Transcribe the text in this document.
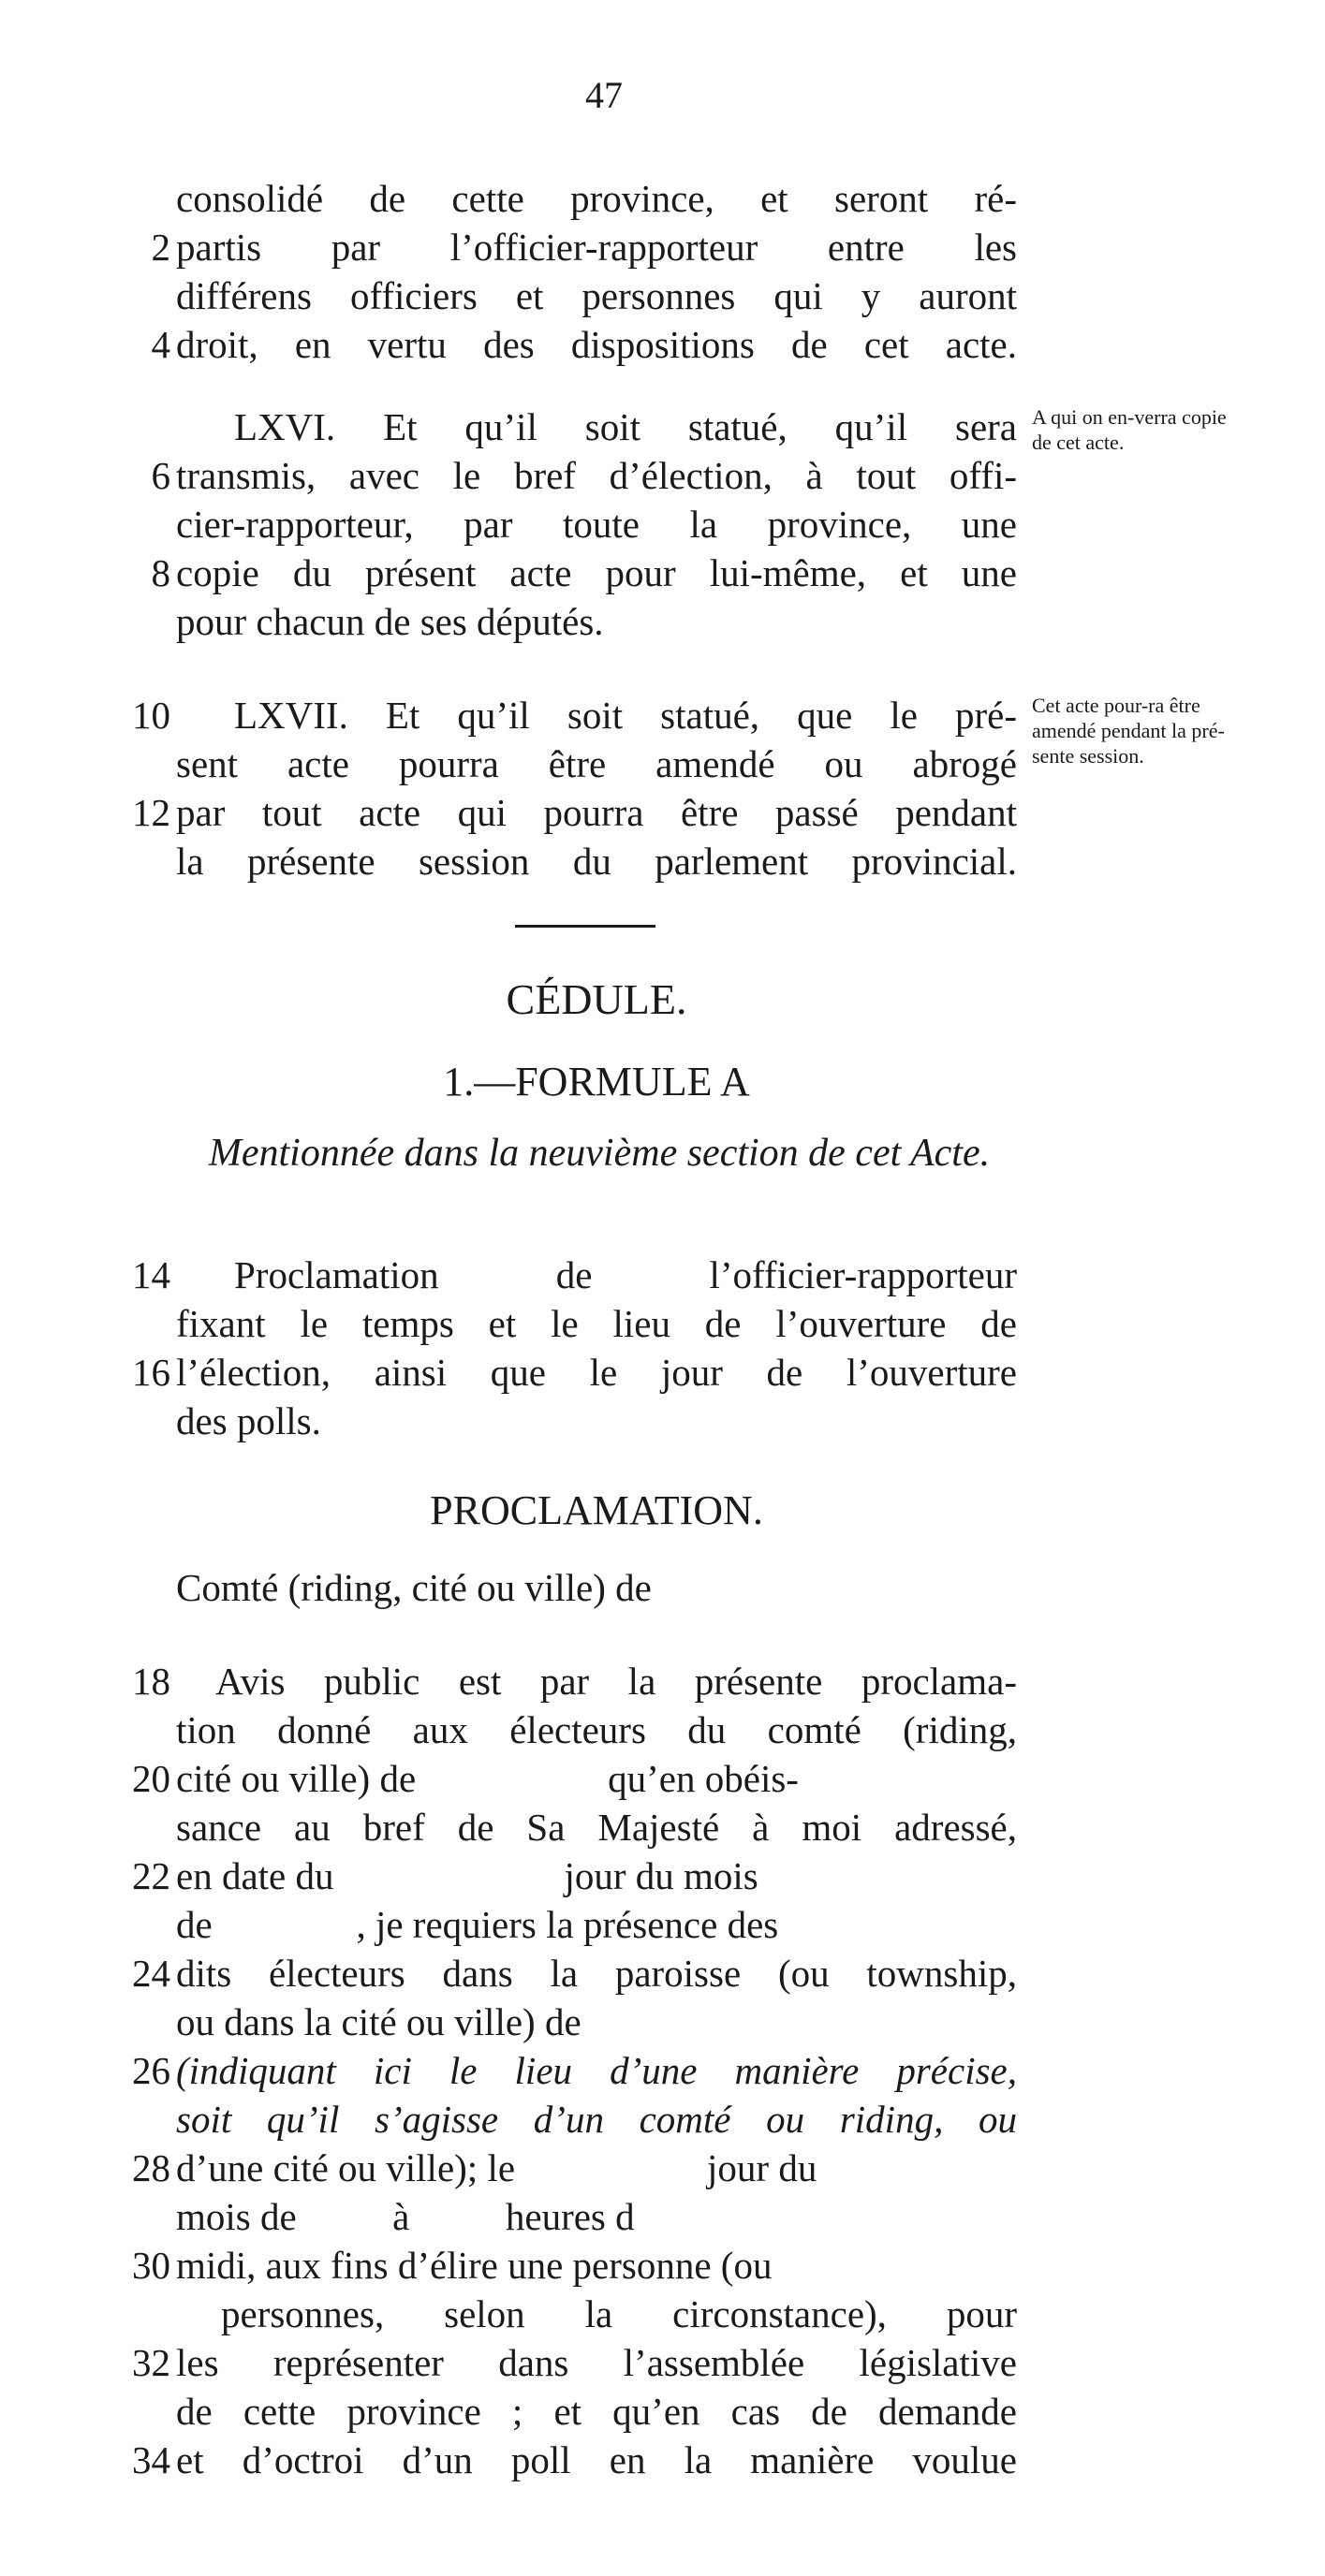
47
consolidé de cette province, et seront ré-
2 partis par l’officier-rapporteur entre les
différens officiers et personnes qui y auront
4 droit, en vertu des dispositions de cet acte.
LXVI. Et qu’il soit statué, qu’il sera
6 transmis, avec le bref d’élection, à tout offi-
cier-rapporteur, par toute la province, une
8 copie du présent acte pour lui-même, et une
pour chacun de ses députés.
A qui on en-verra copie de cet acte.
10 LXVII. Et qu’il soit statué, que le pré-
sent acte pourra être amendé ou abrogé
12 par tout acte qui pourra être passé pendant
la présente session du parlement provincial.
Cet acte pour-ra être amendé pendant la pré-sente session.
CÉDULE.
1.—FORMULE A
Mentionnée dans la neuvième section de cet Acte.
14 Proclamation de l’officier-rapporteur
fixant le temps et le lieu de l’ouverture de
16 l’élection, ainsi que le jour de l’ouverture
des polls.
PROCLAMATION.
Comté (riding, cité ou ville) de
18 Avis public est par la présente proclama-
tion donné aux électeurs du comté (riding,
20 cité ou ville) de                    qu’en obéis-
sance au bref de Sa Majesté à moi adressé,
22 en date du                        jour du mois
de               , je requiers la présence des
24 dits électeurs dans la paroisse (ou township,
ou dans la cité ou ville) de
26 (indiquant ici le lieu d’une manière précise,
soit qu’il s’agisse d’un comté ou riding, ou
28 d’une cité ou ville); le                    jour du
mois de          à          heures d
30 midi, aux fins d’élire une personne (ou
personnes, selon la circonstance), pour
32 les représenter dans l’assemblée législative
de cette province ; et qu’en cas de demande
34 et d’octroi d’un poll en la manière voulue
